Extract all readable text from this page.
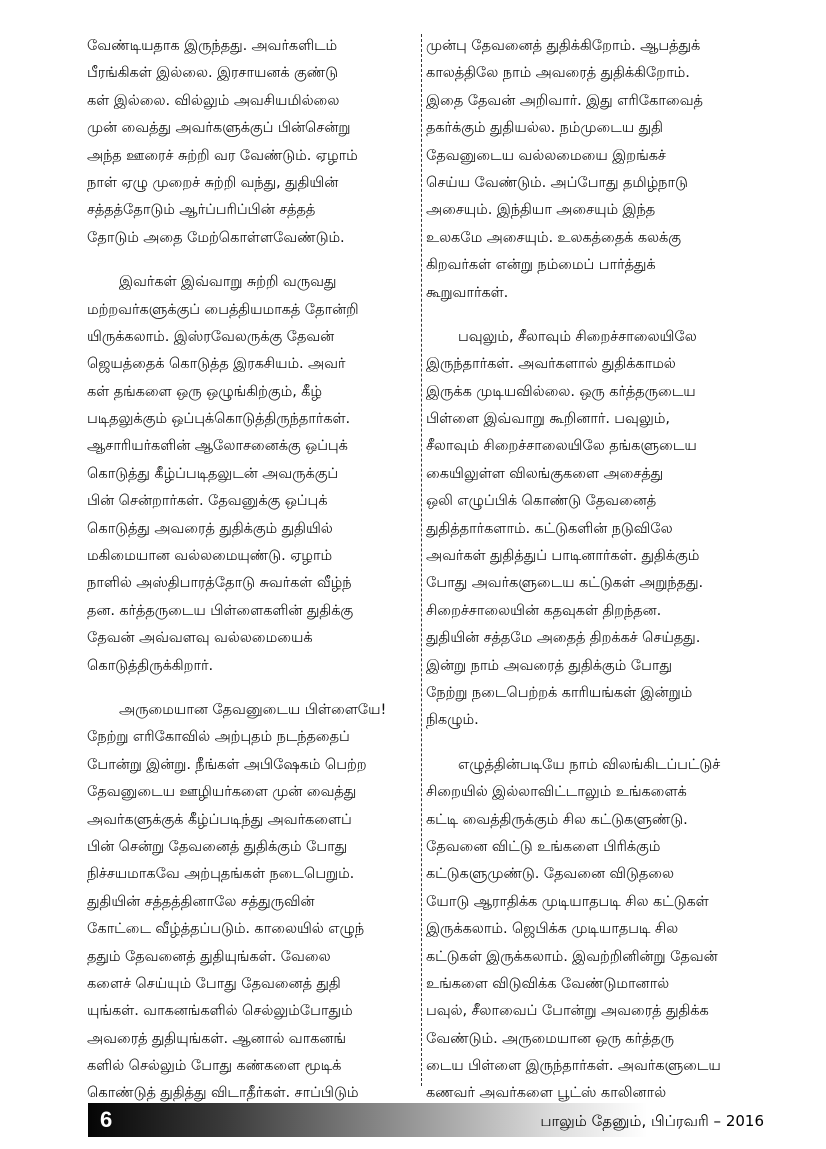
வேண்டியதாக இருந்தது. அவர்களிடம்
பீரங்கிகள் இல்லை. இரசாயனக் குண்டு
கள் இல்லை. வில்லும் அவசியமில்லை
முன் வைத்து அவர்களுக்குப் பின்சென்று
அந்த ஊரைச் சுற்றி வர வேண்டும். ஏழாம்
நாள் ஏழு முறைச் சுற்றி வந்து, துதியின்
சத்தத்தோடும் ஆர்ப்பரிப்பின் சத்தத்
தோடும் அதை மேற்கொள்ளவேண்டும்.
இவர்கள் இவ்வாறு சுற்றி வருவது
மற்றவர்களுக்குப் பைத்தியமாகத் தோன்றி
யிருக்கலாம். இஸ்ரவேலருக்கு தேவன்
ஜெயத்தைக் கொடுத்த இரகசியம். அவர்
கள் தங்களை ஒரு ஒழுங்கிற்கும், கீழ்
படிதலுக்கும் ஒப்புக்கொடுத்திருந்தார்கள்.
ஆசாரியர்களின் ஆலோசனைக்கு ஒப்புக்
கொடுத்து கீழ்ப்படிதலுடன் அவருக்குப்
பின் சென்றார்கள். தேவனுக்கு ஒப்புக்
கொடுத்து அவரைத் துதிக்கும் துதியில்
மகிமையான வல்லமையுண்டு. ஏழாம்
நாளில் அஸ்திபாரத்தோடு சுவர்கள் வீழ்ந்
தன. கர்த்தருடைய பிள்ளைகளின் துதிக்கு
தேவன் அவ்வளவு வல்லமையைக்
கொடுத்திருக்கிறார்.
அருமையான தேவனுடைய பிள்ளையே!
நேற்று எரிகோவில் அற்புதம் நடந்ததைப்
போன்று இன்று. நீங்கள் அபிஷேகம் பெற்ற
தேவனுடைய ஊழியர்களை முன் வைத்து
அவர்களுக்குக் கீழ்ப்படிந்து அவர்களைப்
பின் சென்று தேவனைத் துதிக்கும் போது
நிச்சயமாகவே அற்புதங்கள் நடைபெறும்.
துதியின் சத்தத்தினாலே சத்துருவின்
கோட்டை வீழ்த்தப்படும். காலையில் எழுந்
ததும் தேவனைத் துதியுங்கள். வேலை
களைச் செய்யும் போது தேவனைத் துதி
யுங்கள். வாகனங்களில் செல்லும்போதும்
அவரைத் துதியுங்கள். ஆனால் வாகனங்
களில் செல்லும் போது கண்களை மூடிக்
கொண்டுத் துதித்து விடாதீர்கள். சாப்பிடும்
முன்பு தேவனைத் துதிக்கிறோம். ஆபத்துக்
காலத்திலே நாம் அவரைத் துதிக்கிறோம்.
இதை தேவன் அறிவார். இது எரிகோவைத்
தகர்க்கும் துதியல்ல. நம்முடைய துதி
தேவனுடைய வல்லமையை இறங்கச்
செய்ய வேண்டும். அப்போது தமிழ்நாடு
அசையும். இந்தியா அசையும் இந்த
உலகமே அசையும். உலகத்தைக் கலக்கு
கிறவர்கள் என்று நம்மைப் பார்த்துக்
கூறுவார்கள்.
பவுலும், சீலாவும் சிறைச்சாலையிலே
இருந்தார்கள். அவர்களால் துதிக்காமல்
இருக்க முடியவில்லை. ஒரு கர்த்தருடைய
பிள்ளை இவ்வாறு கூறினார். பவுலும்,
சீலாவும் சிறைச்சாலையிலே தங்களுடைய
கையிலுள்ள விலங்குகளை அசைத்து
ஒலி எழுப்பிக் கொண்டு தேவனைத்
துதித்தார்களாம். கட்டுகளின் நடுவிலே
அவர்கள் துதித்துப் பாடினார்கள். துதிக்கும்
போது அவர்களுடைய கட்டுகள் அறுந்தது.
சிறைச்சாலையின் கதவுகள் திறந்தன.
துதியின் சத்தமே அதைத் திறக்கச் செய்தது.
இன்று நாம் அவரைத் துதிக்கும் போது
நேற்று நடைபெற்றக் காரியங்கள் இன்றும்
நிகழும்.
எழுத்தின்படியே நாம் விலங்கிடப்பட்டுச்
சிறையில் இல்லாவிட்டாலும் உங்களைக்
கட்டி வைத்திருக்கும் சில கட்டுகளுண்டு.
தேவனை விட்டு உங்களை பிரிக்கும்
கட்டுகளுமுண்டு. தேவனை விடுதலை
யோடு ஆராதிக்க முடியாதபடி சில கட்டுகள்
இருக்கலாம். ஜெபிக்க முடியாதபடி சில
கட்டுகள் இருக்கலாம். இவற்றினின்று தேவன்
உங்களை விடுவிக்க வேண்டுமானால்
பவுல், சீலாவைப் போன்று அவரைத் துதிக்க
வேண்டும். அருமையான ஒரு கர்த்தரு
டைய பிள்ளை இருந்தார்கள். அவர்களுடைய
கணவர் அவர்களை பூட்ஸ் காலினால்
6	பாலும் தேனும், பிப்ரவரி – 2016
